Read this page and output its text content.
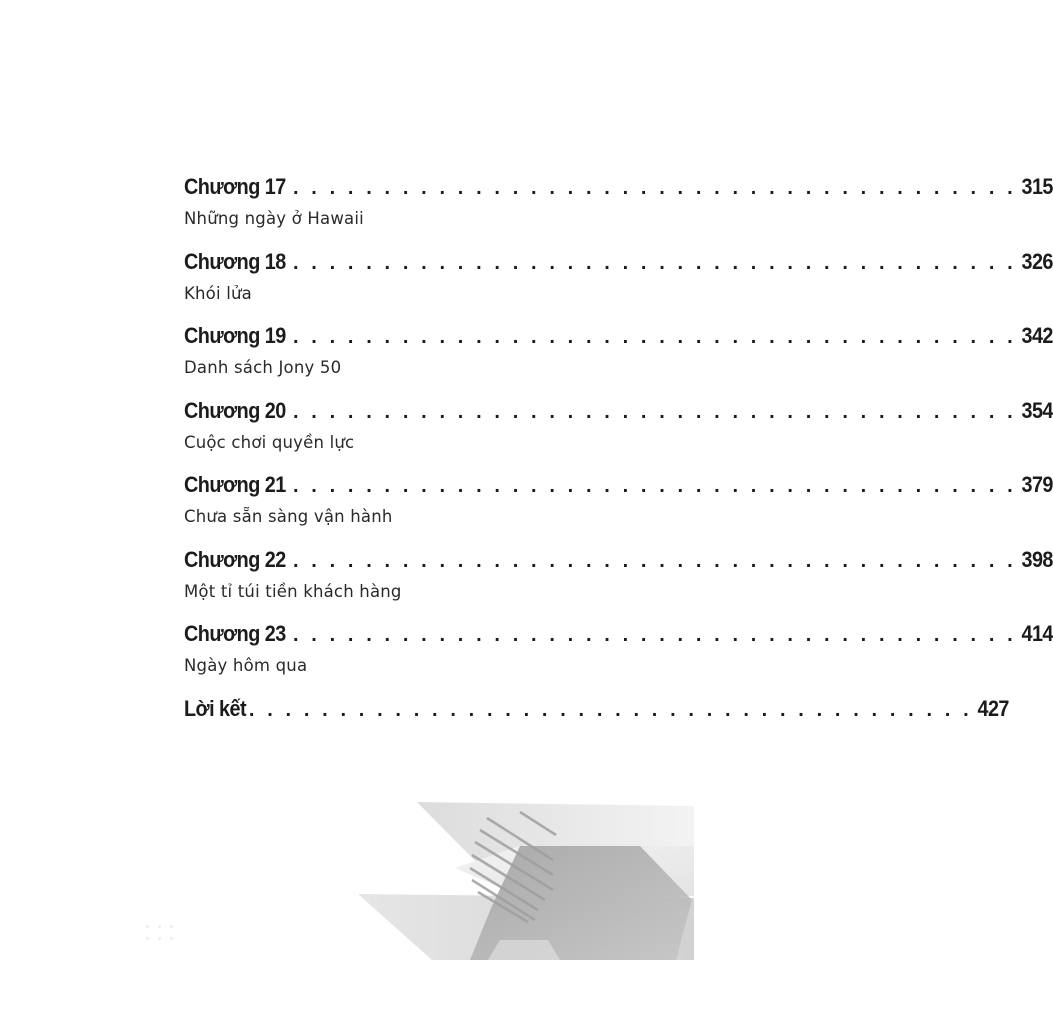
Chương 17 . . . . . . . . . . . . . . . . . . . . . . . . . . . . . . . . . . . . . . . . 315
Những ngày ở Hawaii
Chương 18 . . . . . . . . . . . . . . . . . . . . . . . . . . . . . . . . . . . . . . . . 326
Khói lửa
Chương 19 . . . . . . . . . . . . . . . . . . . . . . . . . . . . . . . . . . . . . . . . 342
Danh sách Jony 50
Chương 20 . . . . . . . . . . . . . . . . . . . . . . . . . . . . . . . . . . . . . . . . 354
Cuộc chơi quyền lực
Chương 21 . . . . . . . . . . . . . . . . . . . . . . . . . . . . . . . . . . . . . . . . 379
Chưa sẵn sàng vận hành
Chương 22 . . . . . . . . . . . . . . . . . . . . . . . . . . . . . . . . . . . . . . . . 398
Một tỉ túi tiền khách hàng
Chương 23 . . . . . . . . . . . . . . . . . . . . . . . . . . . . . . . . . . . . . . . . 414
Ngày hôm qua
Lời kết . . . . . . . . . . . . . . . . . . . . . . . . . . . . . . . . . . . . . . . . 427
